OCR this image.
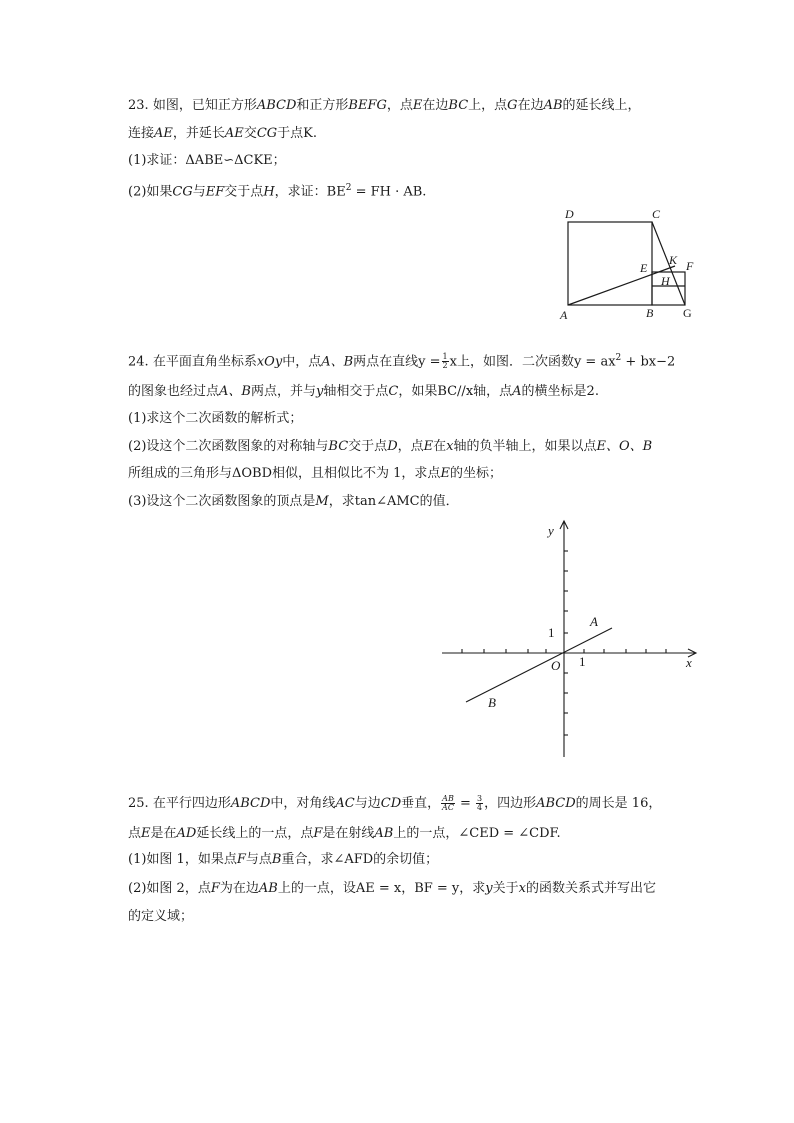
23. 如图，已知正方形ABCD和正方形BEFG，点E在边BC上，点G在边AB的延长线上，
连接AE，并延长AE交CG于点K.
(1)求证：ΔABE∽ΔCKE；
(2)如果CG与EF交于点H，求证：$BE^2$ = FH · AB.
D	C
K F
E
H
A	B G
24. 在平面直角坐标系xOy中，点A、B两点在直线$y = \frac{1}{2}$ x上，如图．二次函数$y = ax^2 + bx-2$
的图象也经过点A、B两点，并与y轴相交于点C，如果BC//x轴，点A的横坐标是2.
(1)求这个二次函数的解析式；
(2)设这个二次函数图象的对称轴与BC交于点D，点E在x轴的负半轴上，如果以点E、O、B
所组成的三角形与ΔOBD相似，且相似比不为 1，求点E的坐标；
(3)设这个二次函数图象的顶点是M，求tan∠AMC的值．
y
x
O
1
1
A
B
25. 在平行四边形ABCD中，对角线AC与边CD垂直， $\frac{AB}{AC} = \frac{3}{4}$ ，四边形ABCD的周长是 16，
点E是在AD延长线上的一点，点F是在射线AB上的一点，∠CED = ∠CDF.
(1)如图 1，如果点F与点B重合，求∠AFD的余切值；
(2)如图 2，点F为在边AB上的一点，设AE = x，BF = y，求y关于x的函数关系式并写出它
的定义域；
